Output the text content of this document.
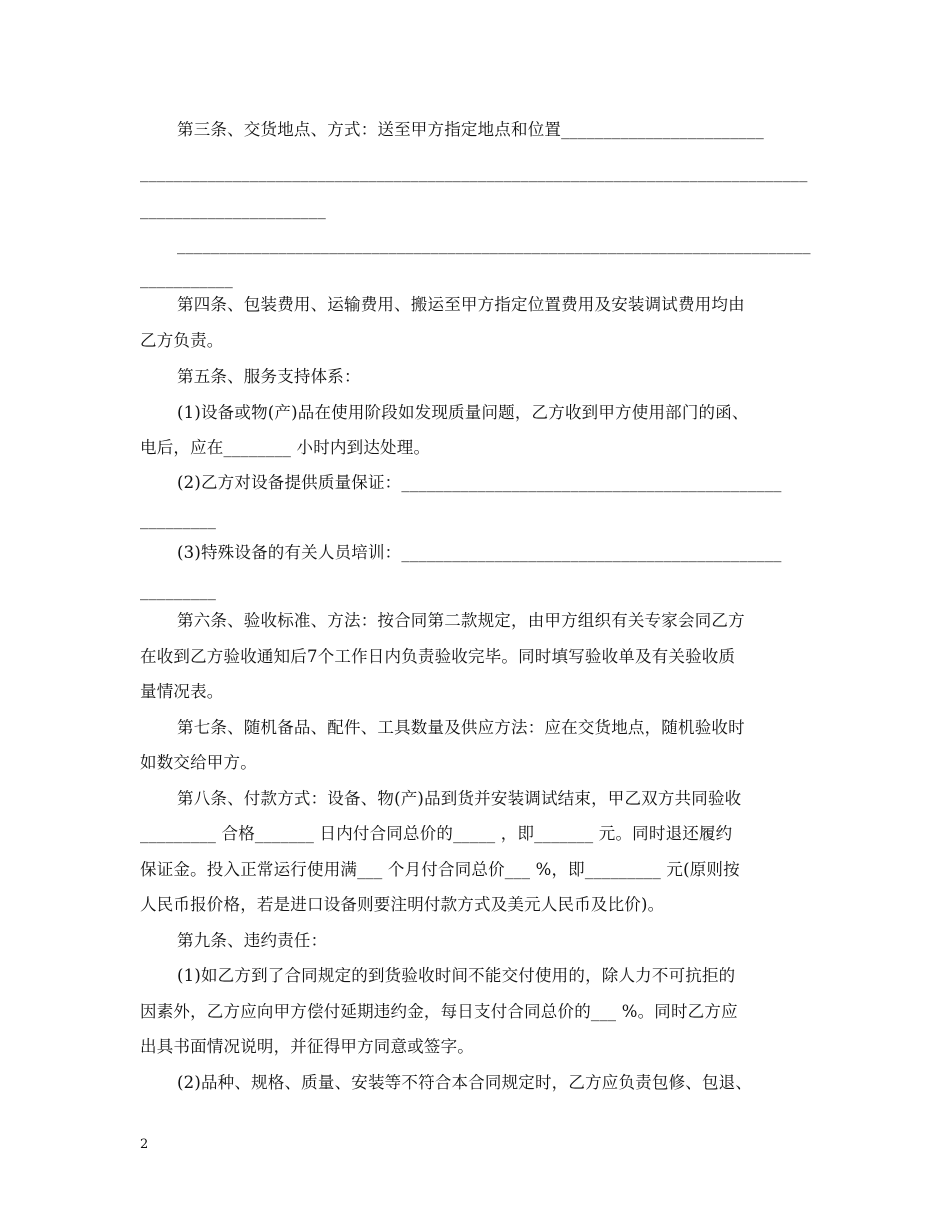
第三条、交货地点、方式：送至甲方指定地点和位置________________________
_______________________________________________________________________________
______________________
___________________________________________________________________________
___________
第四条、包装费用、运输费用、搬运至甲方指定位置费用及安装调试费用均由
乙方负责。
第五条、服务支持体系：
(1)设备或物(产)品在使用阶段如发现质量问题，乙方收到甲方使用部门的函、
电后，应在________ 小时内到达处理。
(2)乙方对设备提供质量保证：_____________________________________________
_________
(3)特殊设备的有关人员培训：_____________________________________________
_________
第六条、验收标准、方法：按合同第二款规定，由甲方组织有关专家会同乙方
在收到乙方验收通知后7个工作日内负责验收完毕。同时填写验收单及有关验收质
量情况表。
第七条、随机备品、配件、工具数量及供应方法：应在交货地点，随机验收时
如数交给甲方。
第八条、付款方式：设备、物(产)品到货并安装调试结束，甲乙双方共同验收
_________ 合格_______ 日内付合同总价的_____ ，即_______ 元。同时退还履约
保证金。投入正常运行使用满___ 个月付合同总价___ %，即_________ 元(原则按
人民币报价格，若是进口设备则要注明付款方式及美元人民币及比价)。
第九条、违约责任：
(1)如乙方到了合同规定的到货验收时间不能交付使用的，除人力不可抗拒的
因素外，乙方应向甲方偿付延期违约金，每日支付合同总价的___ %。同时乙方应
出具书面情况说明，并征得甲方同意或签字。
(2)品种、规格、质量、安装等不符合本合同规定时，乙方应负责包修、包退、
2
